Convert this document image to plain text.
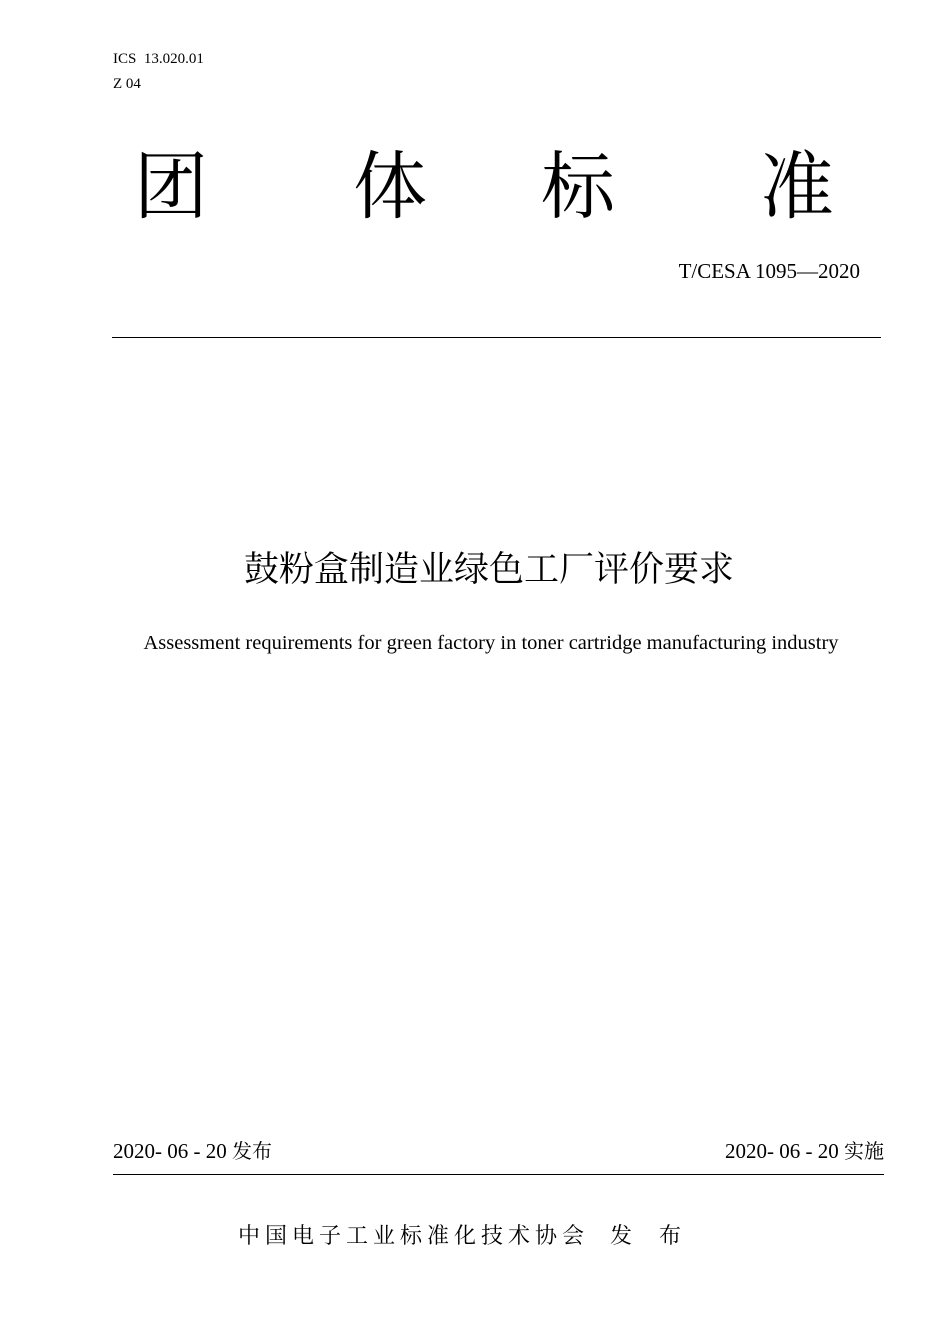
ICS  13.020.01
Z 04
团 体 标 准
T/CESA 1095—2020
鼓粉盒制造业绿色工厂评价要求
Assessment requirements for green factory in toner cartridge manufacturing industry
2020- 06 - 20 发布	2020- 06 - 20 实施
中国电子工业标准化技术协会 发 布
